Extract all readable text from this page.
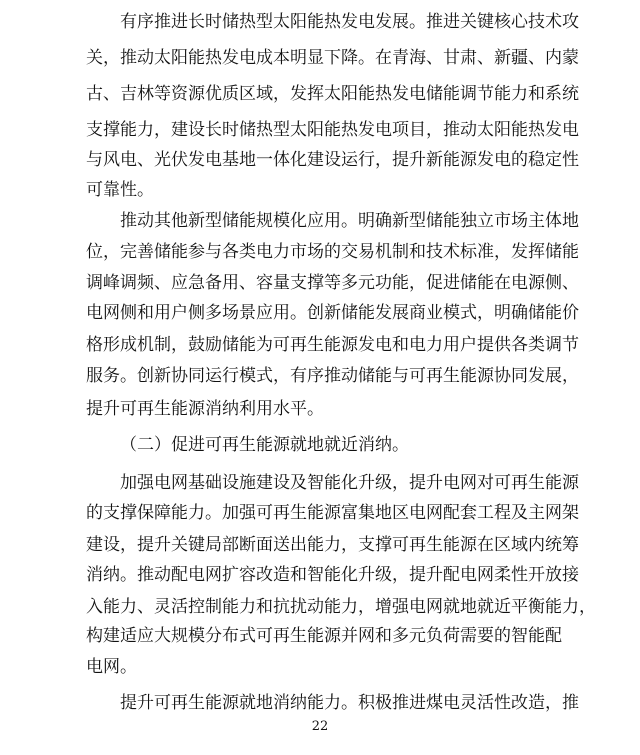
有序推进长时储热型太阳能热发电发展。推进关键核心技术攻
关，推动太阳能热发电成本明显下降。在青海、甘肃、新疆、内蒙
古、吉林等资源优质区域，发挥太阳能热发电储能调节能力和系统
支撑能力，建设长时储热型太阳能热发电项目，推动太阳能热发电
与风电、光伏发电基地一体化建设运行，提升新能源发电的稳定性
可靠性。
推动其他新型储能规模化应用。明确新型储能独立市场主体地
位，完善储能参与各类电力市场的交易机制和技术标准，发挥储能
调峰调频、应急备用、容量支撑等多元功能，促进储能在电源侧、
电网侧和用户侧多场景应用。创新储能发展商业模式，明确储能价
格形成机制，鼓励储能为可再生能源发电和电力用户提供各类调节
服务。创新协同运行模式，有序推动储能与可再生能源协同发展，
提升可再生能源消纳利用水平。
（二）促进可再生能源就地就近消纳。
加强电网基础设施建设及智能化升级，提升电网对可再生能源
的支撑保障能力。加强可再生能源富集地区电网配套工程及主网架
建设，提升关键局部断面送出能力，支撑可再生能源在区域内统筹
消纳。推动配电网扩容改造和智能化升级，提升配电网柔性开放接
入能力、灵活控制能力和抗扰动能力，增强电网就地就近平衡能力，
构建适应大规模分布式可再生能源并网和多元负荷需要的智能配
电网。
提升可再生能源就地消纳能力。积极推进煤电灵活性改造，推
22
